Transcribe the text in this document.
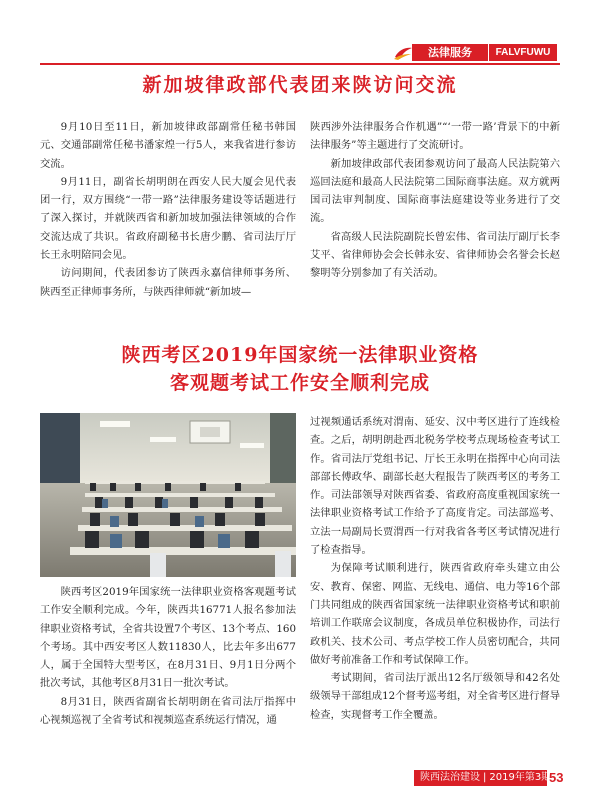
法律服务	FALVFUWU
新加坡律政部代表团来陕访问交流

9月10日至11日，新加坡律政部副常任秘书韩国元、交通部副常任秘书潘家煌一行5人，来我省进行参访交流。

9月11日，副省长胡明朗在西安人民大厦会见代表团一行，双方围绕“一带一路”法律服务建设等话题进行了深入探讨，并就陕西省和新加坡加强法律领域的合作交流达成了共识。省政府副秘书长唐少鹏、省司法厅厅长王永明陪同会见。

访问期间，代表团参访了陕西永嘉信律师事务所、陕西至正律师事务所，与陕西律师就“新加坡—

陕西涉外法律服务合作机遇”“‘一带一路’背景下的中新法律服务”等主题进行了交流研讨。

新加坡律政部代表团参观访问了最高人民法院第六巡回法庭和最高人民法院第二国际商事法庭。双方就两国司法审判制度、国际商事法庭建设等业务进行了交流。

省高级人民法院副院长曾宏伟、省司法厅副厅长李艾平、省律师协会会长韩永安、省律师协会名誉会长赵黎明等分别参加了有关活动。

陕西考区2019年国家统一法律职业资格
客观题考试工作安全顺利完成

陕西考区2019年国家统一法律职业资格客观题考试工作安全顺利完成。今年，陕西共16771人报名参加法律职业资格考试，全省共设置7个考区、13个考点、160个考场。其中西安考区人数11830人，比去年多出677人，属于全国特大型考区，在8月31日、9月1日分两个批次考试，其他考区8月31日一批次考试。

8月31日，陕西省副省长胡明朗在省司法厅指挥中心视频巡视了全省考试和视频巡查系统运行情况，通

过视频通话系统对渭南、延安、汉中考区进行了连线检查。之后，胡明朗赴西北税务学校考点现场检查考试工作。省司法厅党组书记、厅长王永明在指挥中心向司法部部长傅政华、副部长赵大程报告了陕西考区的考务工作。司法部领导对陕西省委、省政府高度重视国家统一法律职业资格考试工作给予了高度肯定。司法部巡考、立法一局副局长贾渭西一行对我省各考区考试情况进行了检查指导。

为保障考试顺利进行，陕西省政府牵头建立由公安、教育、保密、网监、无线电、通信、电力等16个部门共同组成的陕西省国家统一法律职业资格考试和职前培训工作联席会议制度，各成员单位积极协作，司法行政机关、技术公司、考点学校工作人员密切配合，共同做好考前准备工作和考试保障工作。

考试期间，省司法厅派出12名厅级领导和42名处级领导干部组成12个督考巡考组，对全省考区进行督导检查，实现督考工作全覆盖。

陕西法治建设 | 2019年第3期
53
